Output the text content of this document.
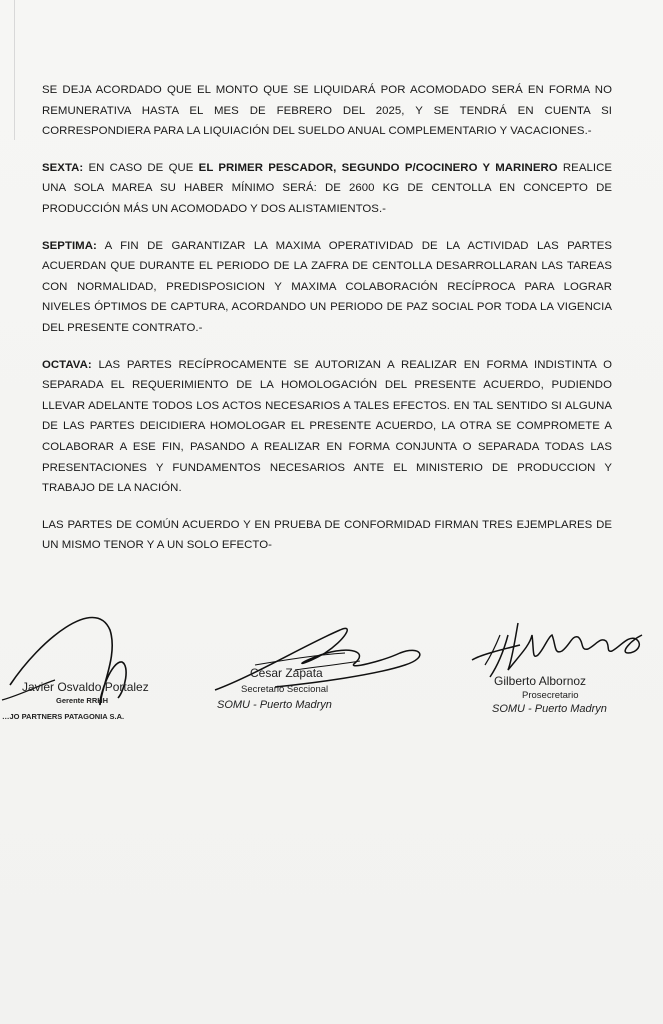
SE DEJA ACORDADO QUE EL MONTO QUE SE LIQUIDARÁ POR ACOMODADO SERÁ EN FORMA NO REMUNERATIVA HASTA EL MES DE FEBRERO DEL 2025, Y SE TENDRÁ EN CUENTA SI CORRESPONDIERA PARA LA LIQUIACIÓN DEL SUELDO ANUAL COMPLEMENTARIO Y VACACIONES.-

SEXTA: EN CASO DE QUE EL PRIMER PESCADOR, SEGUNDO P/COCINERO Y MARINERO REALICE UNA SOLA MAREA SU HABER MÍNIMO SERÁ: DE 2600 KG DE CENTOLLA EN CONCEPTO DE PRODUCCIÓN MÁS UN ACOMODADO Y DOS ALISTAMIENTOS.-

SEPTIMA: A FIN DE GARANTIZAR LA MAXIMA OPERATIVIDAD DE LA ACTIVIDAD LAS PARTES ACUERDAN QUE DURANTE EL PERIODO DE LA ZAFRA DE CENTOLLA DESARROLLARAN LAS TAREAS CON NORMALIDAD, PREDISPOSICION Y MAXIMA COLABORACIÓN RECÍPROCA PARA LOGRAR NIVELES ÓPTIMOS DE CAPTURA, ACORDANDO UN PERIODO DE PAZ SOCIAL POR TODA LA VIGENCIA DEL PRESENTE CONTRATO.-

OCTAVA: LAS PARTES RECÍPROCAMENTE SE AUTORIZAN A REALIZAR EN FORMA INDISTINTA O SEPARADA EL REQUERIMIENTO DE LA HOMOLOGACIÓN DEL PRESENTE ACUERDO, PUDIENDO LLEVAR ADELANTE TODOS LOS ACTOS NECESARIOS A TALES EFECTOS. EN TAL SENTIDO SI ALGUNA DE LAS PARTES DEICIDIERA HOMOLOGAR EL PRESENTE ACUERDO, LA OTRA SE COMPROMETE A COLABORAR A ESE FIN, PASANDO A REALIZAR EN FORMA CONJUNTA O SEPARADA TODAS LAS PRESENTACIONES Y FUNDAMENTOS NECESARIOS ANTE EL MINISTERIO DE PRODUCCION Y TRABAJO DE LA NACIÓN.

LAS PARTES DE COMÚN ACUERDO Y EN PRUEBA DE CONFORMIDAD FIRMAN TRES EJEMPLARES DE UN MISMO TENOR Y A UN SOLO EFECTO-

Javier Osvaldo Portalez
Gerente RRHH
…JO PARTNERS PATAGONIA S.A.
César Zapata
Secretario Seccional
SOMU - Puerto Madryn
Gilberto Albornoz
Prosecretario
SOMU - Puerto Madryn
